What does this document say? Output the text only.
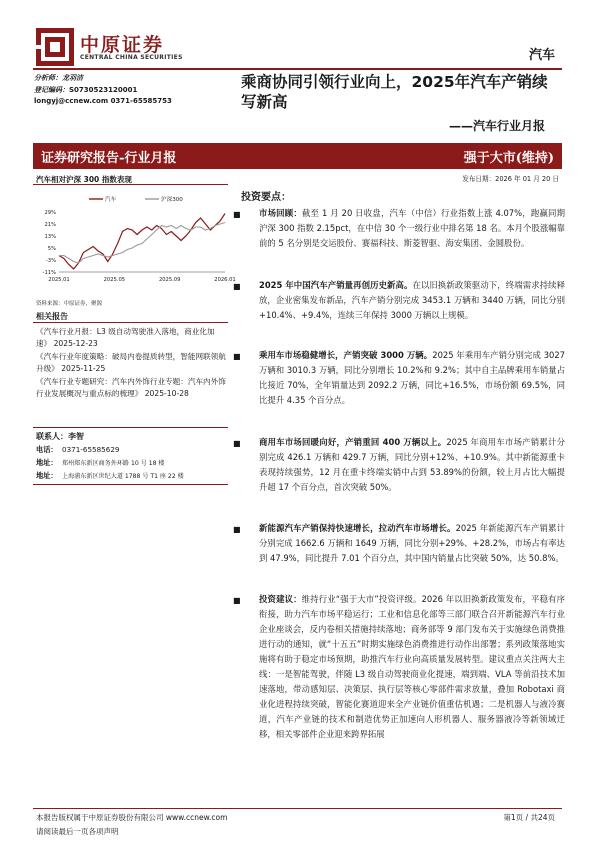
中原证券
CENTRAL CHINA SECURITIES	汽车
分析师：龙羽洁
登记编码：S0730523120001
longyj@ccnew.com 0371-65585753
乘商协同引领行业向上，2025年汽车产销续写新高
——汽车行业月报
证券研究报告-行业月报	强于大市(维持)
汽车相对沪深 300 指数表现
29%
21%
13%
5%
-3%
-11%
2025.01	2025.05	2025.09	2026.01
汽车	沪深300
资料来源：中原证券，聚源
相关报告
《汽车行业月报：L3 级自动驾驶准入落地，商业化加速》 2025-12-23
《汽车行业年度策略：破局内卷提质转型，智能网联领航升级》 2025-11-25
《汽车行业专题研究：汽车内外饰行业专题：汽车内外饰行业发展概况与重点标的梳理》 2025-10-28
联系人：李智
电话： 0371-65585629
地址： 郑州郑东新区商务外环路 10 号 18 楼
地址： 上海浦东新区世纪大道 1788 号 T1 座 22 楼
发布日期：2026 年 01 月 20 日
投资要点：
■ 市场回顾：截至 1 月 20 日收盘，汽车（中信）行业指数上涨 4.07%，跑赢同期沪深 300 指数 2.15pct，在中信 30 个一级行业中排名第 18 名。本月个股涨幅靠前的 5 名分别是交运股份、赛福科技、斯菱智驱、海安集团、金圆股份。
■ 2025 年中国汽车产销量再创历史新高。在以旧换新政策驱动下，终端需求持续释放，企业密集发布新品，汽车产销分别完成 3453.1 万辆和 3440 万辆，同比分别+10.4%、+9.4%，连续三年保持 3000 万辆以上规模。
■ 乘用车市场稳健增长，产销突破 3000 万辆。2025 年乘用车产销分别完成 3027 万辆和 3010.3 万辆，同比分别增长 10.2%和 9.2%；其中自主品牌乘用车销量占比接近 70%，全年销量达到 2092.2 万辆，同比+16.5%，市场份额 69.5%，同比提升 4.35 个百分点。
■ 商用车市场回暖向好，产销重回 400 万辆以上。2025 年商用车市场产销累计分别完成 426.1 万辆和 429.7 万辆，同比分别+12%、+10.9%。其中新能源重卡表现持续强势，12 月在重卡终端实销中占到 53.89%的份额，较上月占比大幅提升超 17 个百分点，首次突破 50%。
■ 新能源汽车产销保持快速增长，拉动汽车市场增长。2025 年新能源汽车产销累计分别完成 1662.6 万辆和 1649 万辆，同比分别+29%、+28.2%，市场占有率达到 47.9%，同比提升 7.01 个百分点，其中国内销量占比突破 50%，达 50.8%。
■ 投资建议：维持行业“强于大市”投资评级。2026 年以旧换新政策发布，平稳有序衔接，助力汽车市场平稳运行；工业和信息化部等三部门联合召开新能源汽车行业企业座谈会，反内卷相关措施持续落地；商务部等 9 部门发布关于实施绿色消费推进行动的通知，就“十五五”时期实施绿色消费推进行动作出部署；系列政策落地实施将有助于稳定市场预期，助推汽车行业向高质量发展转型。建议重点关注两大主线：一是智能驾驶，伴随 L3 级自动驾驶商业化提速，端到端、VLA 等前沿技术加速落地，带动感知层、决策层、执行层等核心零部件需求放量，叠加 Robotaxi 商业化进程持续突破，智能化赛道迎来全产业链价值重估机遇；二是机器人与液冷赛道，汽车产业链的技术和制造优势正加速向人形机器人、服务器液冷等新领域迁移，相关零部件企业迎来跨界拓展
本报告版权属于中原证券股份有限公司 www.ccnew.com
请阅读最后一页各项声明
第1页 / 共24页
